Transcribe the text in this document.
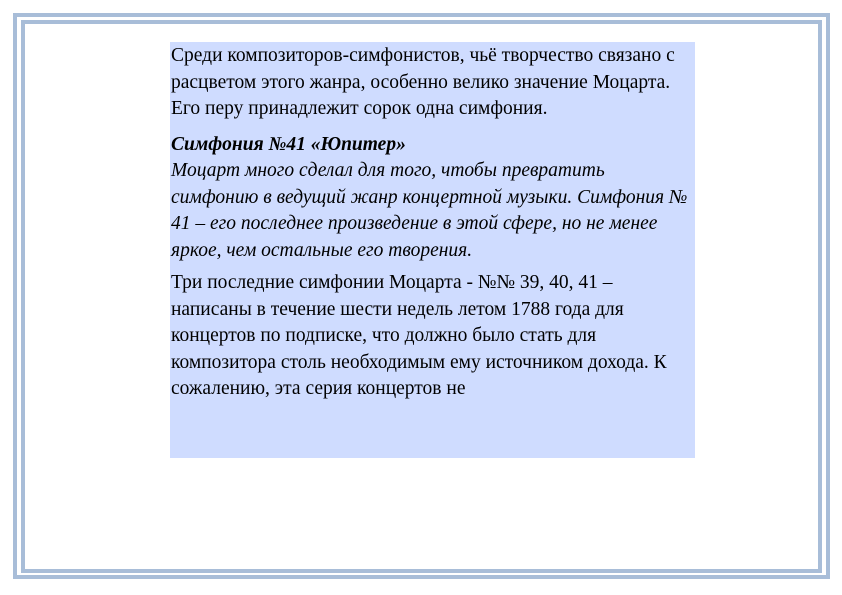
Среди композиторов-симфонистов, чьё творчество связано с расцветом этого жанра, особенно велико значение Моцарта. Его перу принадлежит сорок одна симфония.

Симфония №41 «Юпитер»
Моцарт много сделал для того, чтобы превратить симфонию в ведущий жанр концертной музыки. Симфония № 41 – его последнее произведение в этой сфере, но не менее яркое, чем остальные его творения.

Три последние симфонии Моцарта - №№ 39, 40, 41 – написаны в течение шести недель летом 1788 года для концертов по подписке, что должно было стать для композитора столь необходимым ему источником дохода. К сожалению, эта серия концертов не
